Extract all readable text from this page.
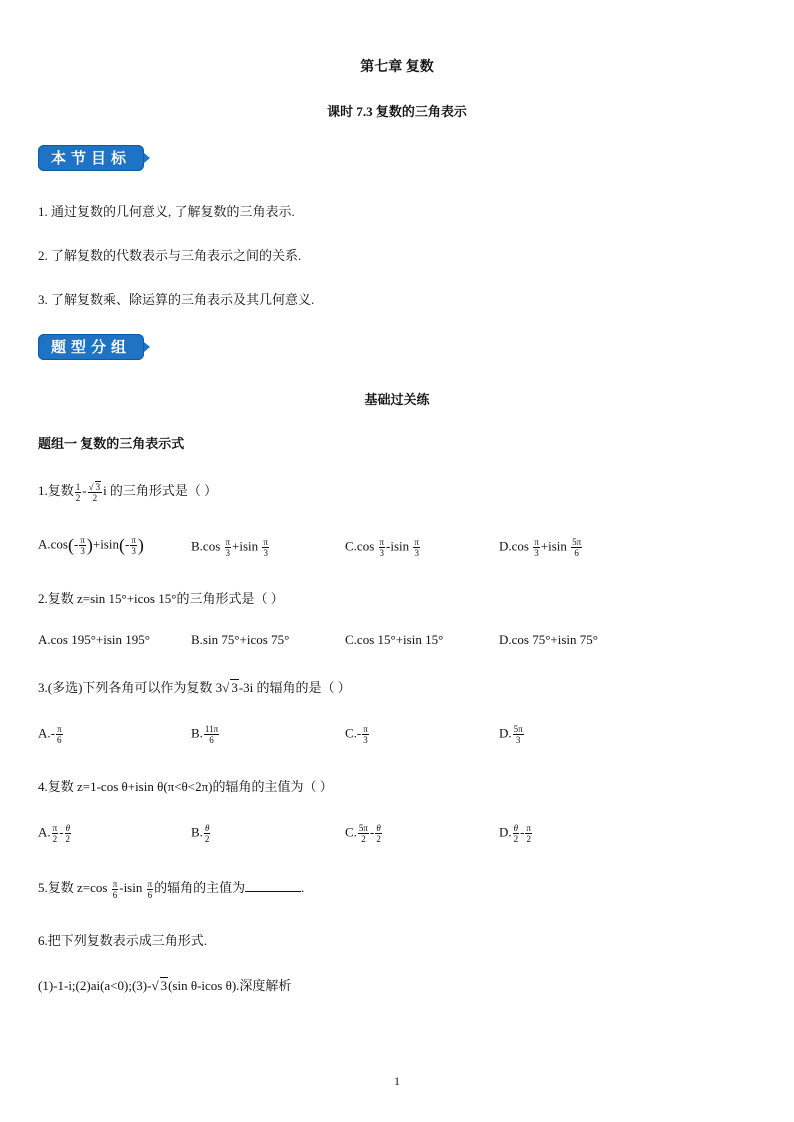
第七章 复数
课时 7.3 复数的三角表示
本节目标
1. 通过复数的几何意义, 了解复数的三角表示.
2. 了解复数的代数表示与三角表示之间的关系.
3. 了解复数乘、除运算的三角表示及其几何意义.
题型分组
基础过关练
题组一 复数的三角表示式
1.复数 $\frac{1}{2} - \frac{√ 3}{2}$ i 的三角形式是（ ）
$A.\cos(- \frac{\pi}{3} )+isin(- \frac{\pi}{3}$ )	$B.\cos \frac{\pi}{3} +isin \frac{\pi}{3}$	$C.\cos \frac{\pi}{3} -isin \frac{\pi}{3}$	$D.\cos \frac{\pi}{3} +isin \frac{5\pi}{6}$
2.复数 z=sin 15°+icos 15°的三角形式是（ ）
A.cos 195°+isin 195°	B.sin 75°+icos 75°	C.cos 15°+isin 15°	D.cos 75°+isin 75°
3.(多选)下列各角可以作为复数 3√ 3-3i 的辐角的是（ ）
$A.- \frac{\pi}{6}$	B. $\frac{11\pi}{6}$	$C.- \frac{\pi}{3}$	D. $\frac{5\pi}{3}$
4.复数 z=1-cos θ+isin θ(π<θ<2π)的辐角的主值为（ ）
A. $\frac{\pi}{2} - \frac{\theta}{2}$	B. $\frac{\theta}{2}$	C. $\frac{5\pi}{2} - \frac{\theta}{2}$	D. $\frac{\theta}{2} - \frac{\pi}{2}$
5.复数 $z=\cos \frac{\pi}{6} -isin \frac{\pi}{6}$ 的辐角的主值为	.
6.把下列复数表示成三角形式.
(1)-1-i;(2)ai(a<0);(3)-√ 3(sin θ-icos θ).深度解析
1
